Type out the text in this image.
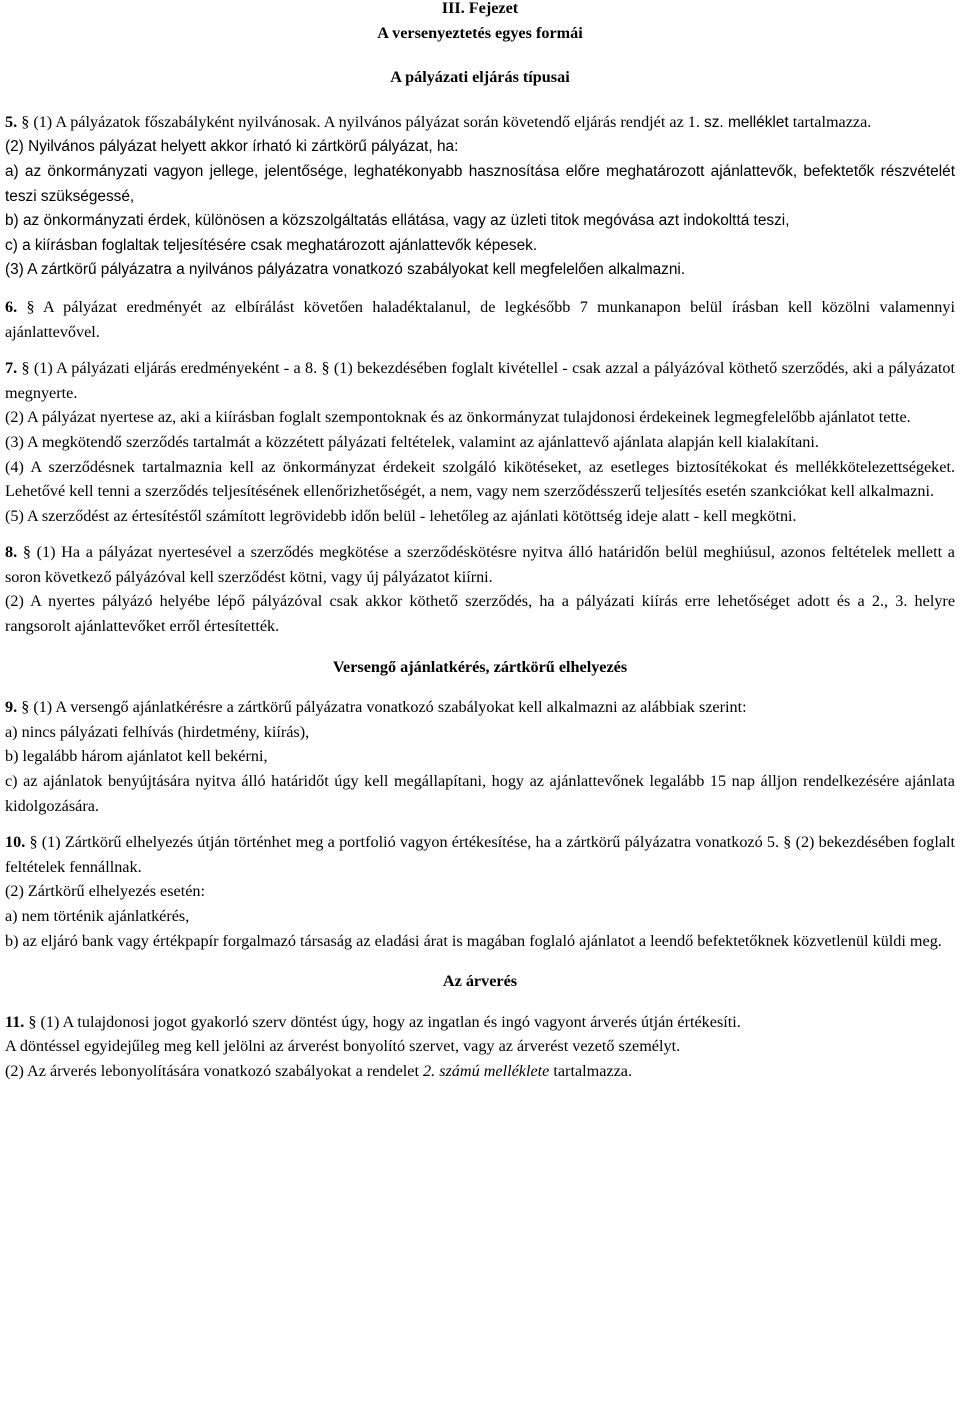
III. Fejezet
A versenyeztetés egyes formái
A pályázati eljárás típusai

5. § (1) A pályázatok főszabályként nyilvánosak. A nyilvános pályázat során követendő eljárás rendjét az 1. sz. melléklet tartalmazza.

(2) Nyilvános pályázat helyett akkor írható ki zártkörű pályázat, ha:

a) az önkormányzati vagyon jellege, jelentősége, leghatékonyabb hasznosítása előre meghatározott ajánlattevők, befektetők részvételét teszi szükségessé,

b) az önkormányzati érdek, különösen a közszolgáltatás ellátása, vagy az üzleti titok megóvása azt indokolttá teszi,

c) a kiírásban foglaltak teljesítésére csak meghatározott ajánlattevők képesek.

(3) A zártkörű pályázatra a nyilvános pályázatra vonatkozó szabályokat kell megfelelően alkalmazni.

6. § A pályázat eredményét az elbírálást követően haladéktalanul, de legkésőbb 7 munkanapon belül írásban kell közölni valamennyi ajánlattevővel.

7. § (1) A pályázati eljárás eredményeként - a 8. § (1) bekezdésében foglalt kivétellel - csak azzal a pályázóval köthető szerződés, aki a pályázatot megnyerte.

(2) A pályázat nyertese az, aki a kiírásban foglalt szempontoknak és az önkormányzat tulajdonosi érdekeinek legmegfelelőbb ajánlatot tette.

(3) A megkötendő szerződés tartalmát a közzétett pályázati feltételek, valamint az ajánlattevő ajánlata alapján kell kialakítani.

(4) A szerződésnek tartalmaznia kell az önkormányzat érdekeit szolgáló kikötéseket, az esetleges biztosítékokat és mellékkötelezettségeket. Lehetővé kell tenni a szerződés teljesítésének ellenőrizhetőségét, a nem, vagy nem szerződésszerű teljesítés esetén szankciókat kell alkalmazni.

(5) A szerződést az értesítéstől számított legrövidebb időn belül - lehetőleg az ajánlati kötöttség ideje alatt - kell megkötni.

8. § (1) Ha a pályázat nyertesével a szerződés megkötése a szerződéskötésre nyitva álló határidőn belül meghiúsul, azonos feltételek mellett a soron következő pályázóval kell szerződést kötni, vagy új pályázatot kiírni.

(2) A nyertes pályázó helyébe lépő pályázóval csak akkor köthető szerződés, ha a pályázati kiírás erre lehetőséget adott és a 2., 3. helyre rangsorolt ajánlattevőket erről értesítették.

Versengő ajánlatkérés, zártkörű elhelyezés

9. § (1) A versengő ajánlatkérésre a zártkörű pályázatra vonatkozó szabályokat kell alkalmazni az alábbiak szerint:

a) nincs pályázati felhívás (hirdetmény, kiírás),

b) legalább három ajánlatot kell bekérni,

c) az ajánlatok benyújtására nyitva álló határidőt úgy kell megállapítani, hogy az ajánlattevőnek legalább 15 nap álljon rendelkezésére ajánlata kidolgozására.

10. § (1) Zártkörű elhelyezés útján történhet meg a portfolió vagyon értékesítése, ha a zártkörű pályázatra vonatkozó 5. § (2) bekezdésében foglalt feltételek fennállnak.

(2) Zártkörű elhelyezés esetén:

a) nem történik ajánlatkérés,

b) az eljáró bank vagy értékpapír forgalmazó társaság az eladási árat is magában foglaló ajánlatot a leendő befektetőknek közvetlenül küldi meg.

Az árverés

11. § (1) A tulajdonosi jogot gyakorló szerv döntést úgy, hogy az ingatlan és ingó vagyont árverés útján értékesíti.

A döntéssel egyidejűleg meg kell jelölni az árverést bonyolító szervet, vagy az árverést vezető személyt.

(2) Az árverés lebonyolítására vonatkozó szabályokat a rendelet 2. számú melléklete tartalmazza.
